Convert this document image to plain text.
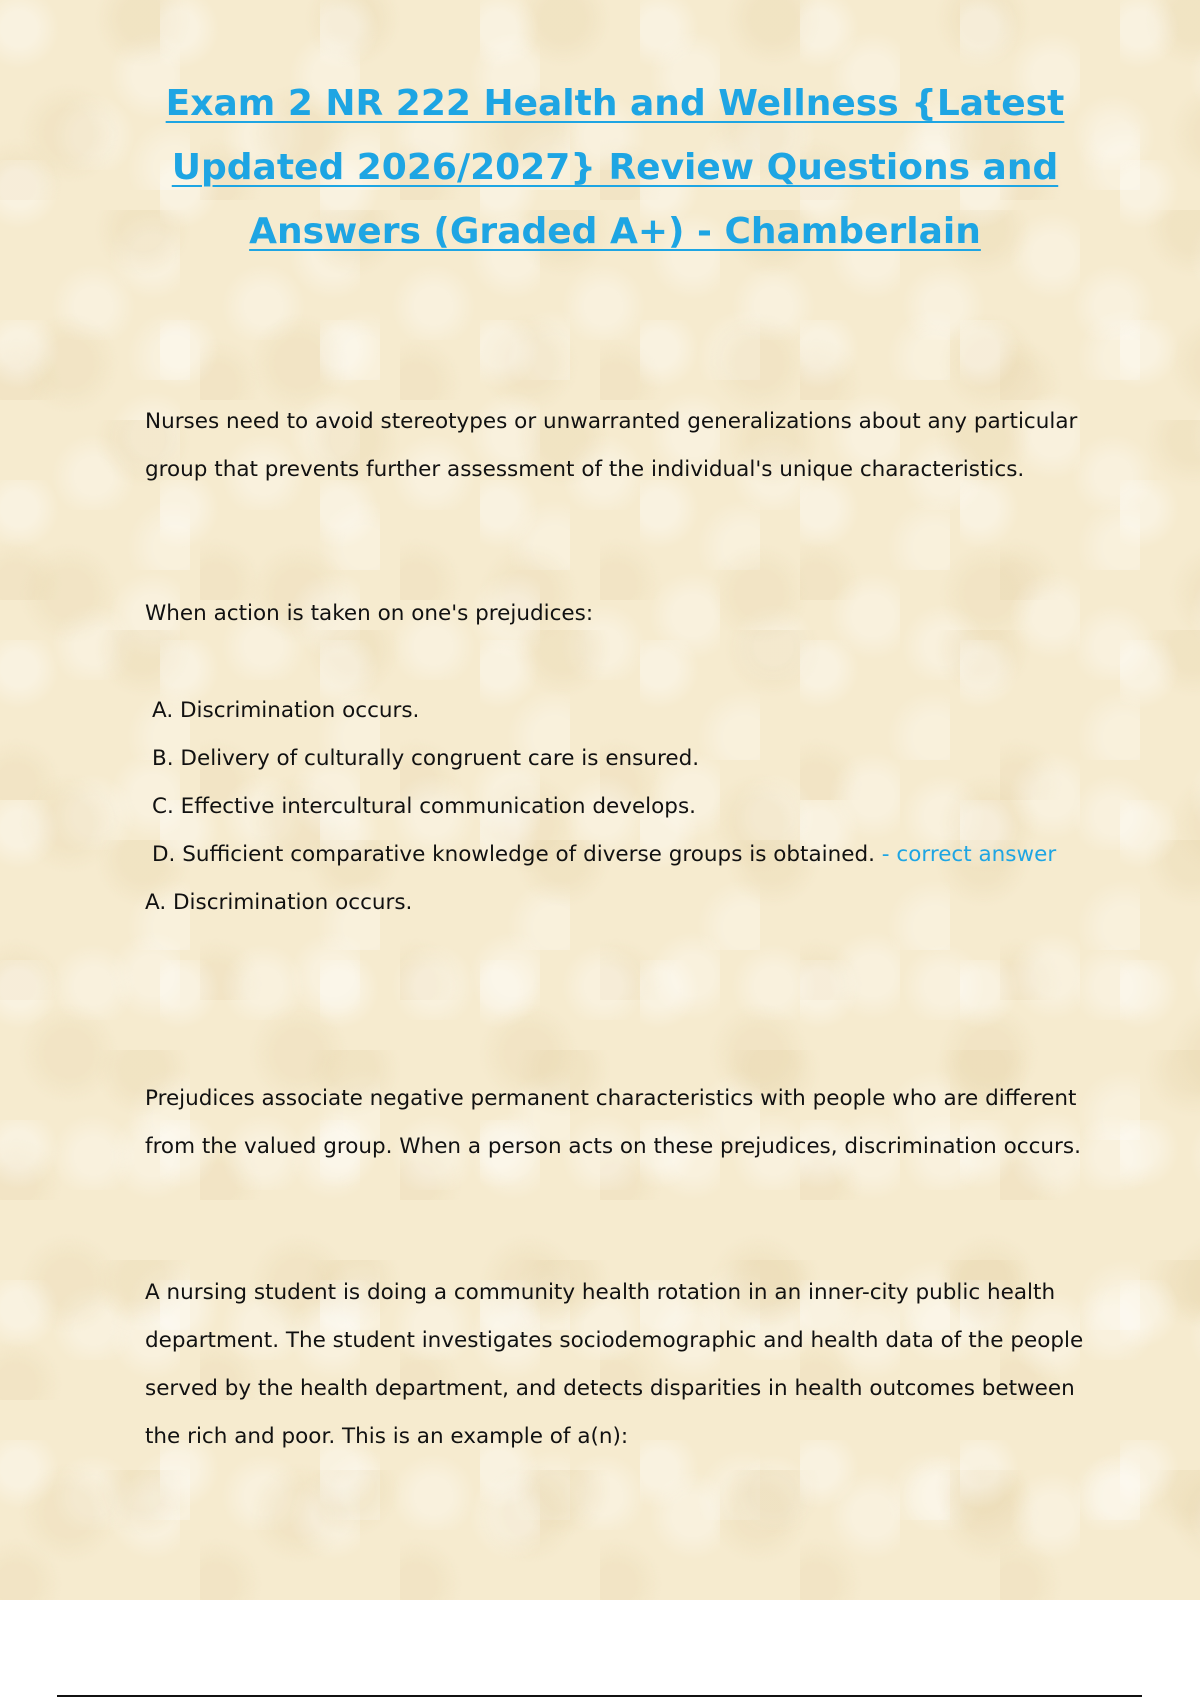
Exam 2 NR 222 Health and Wellness {Latest Updated 2026/2027} Review Questions and Answers (Graded A+) - Chamberlain

Nurses need to avoid stereotypes or unwarranted generalizations about any particular group that prevents further assessment of the individual's unique characteristics.

When action is taken on one's prejudices:

A. Discrimination occurs.

B. Delivery of culturally congruent care is ensured.

C. Effective intercultural communication develops.

D. Sufficient comparative knowledge of diverse groups is obtained. - correct answer

A. Discrimination occurs.

Prejudices associate negative permanent characteristics with people who are different from the valued group. When a person acts on these prejudices, discrimination occurs.

A nursing student is doing a community health rotation in an inner-city public health department. The student investigates sociodemographic and health data of the people served by the health department, and detects disparities in health outcomes between the rich and poor. This is an example of a(n):
